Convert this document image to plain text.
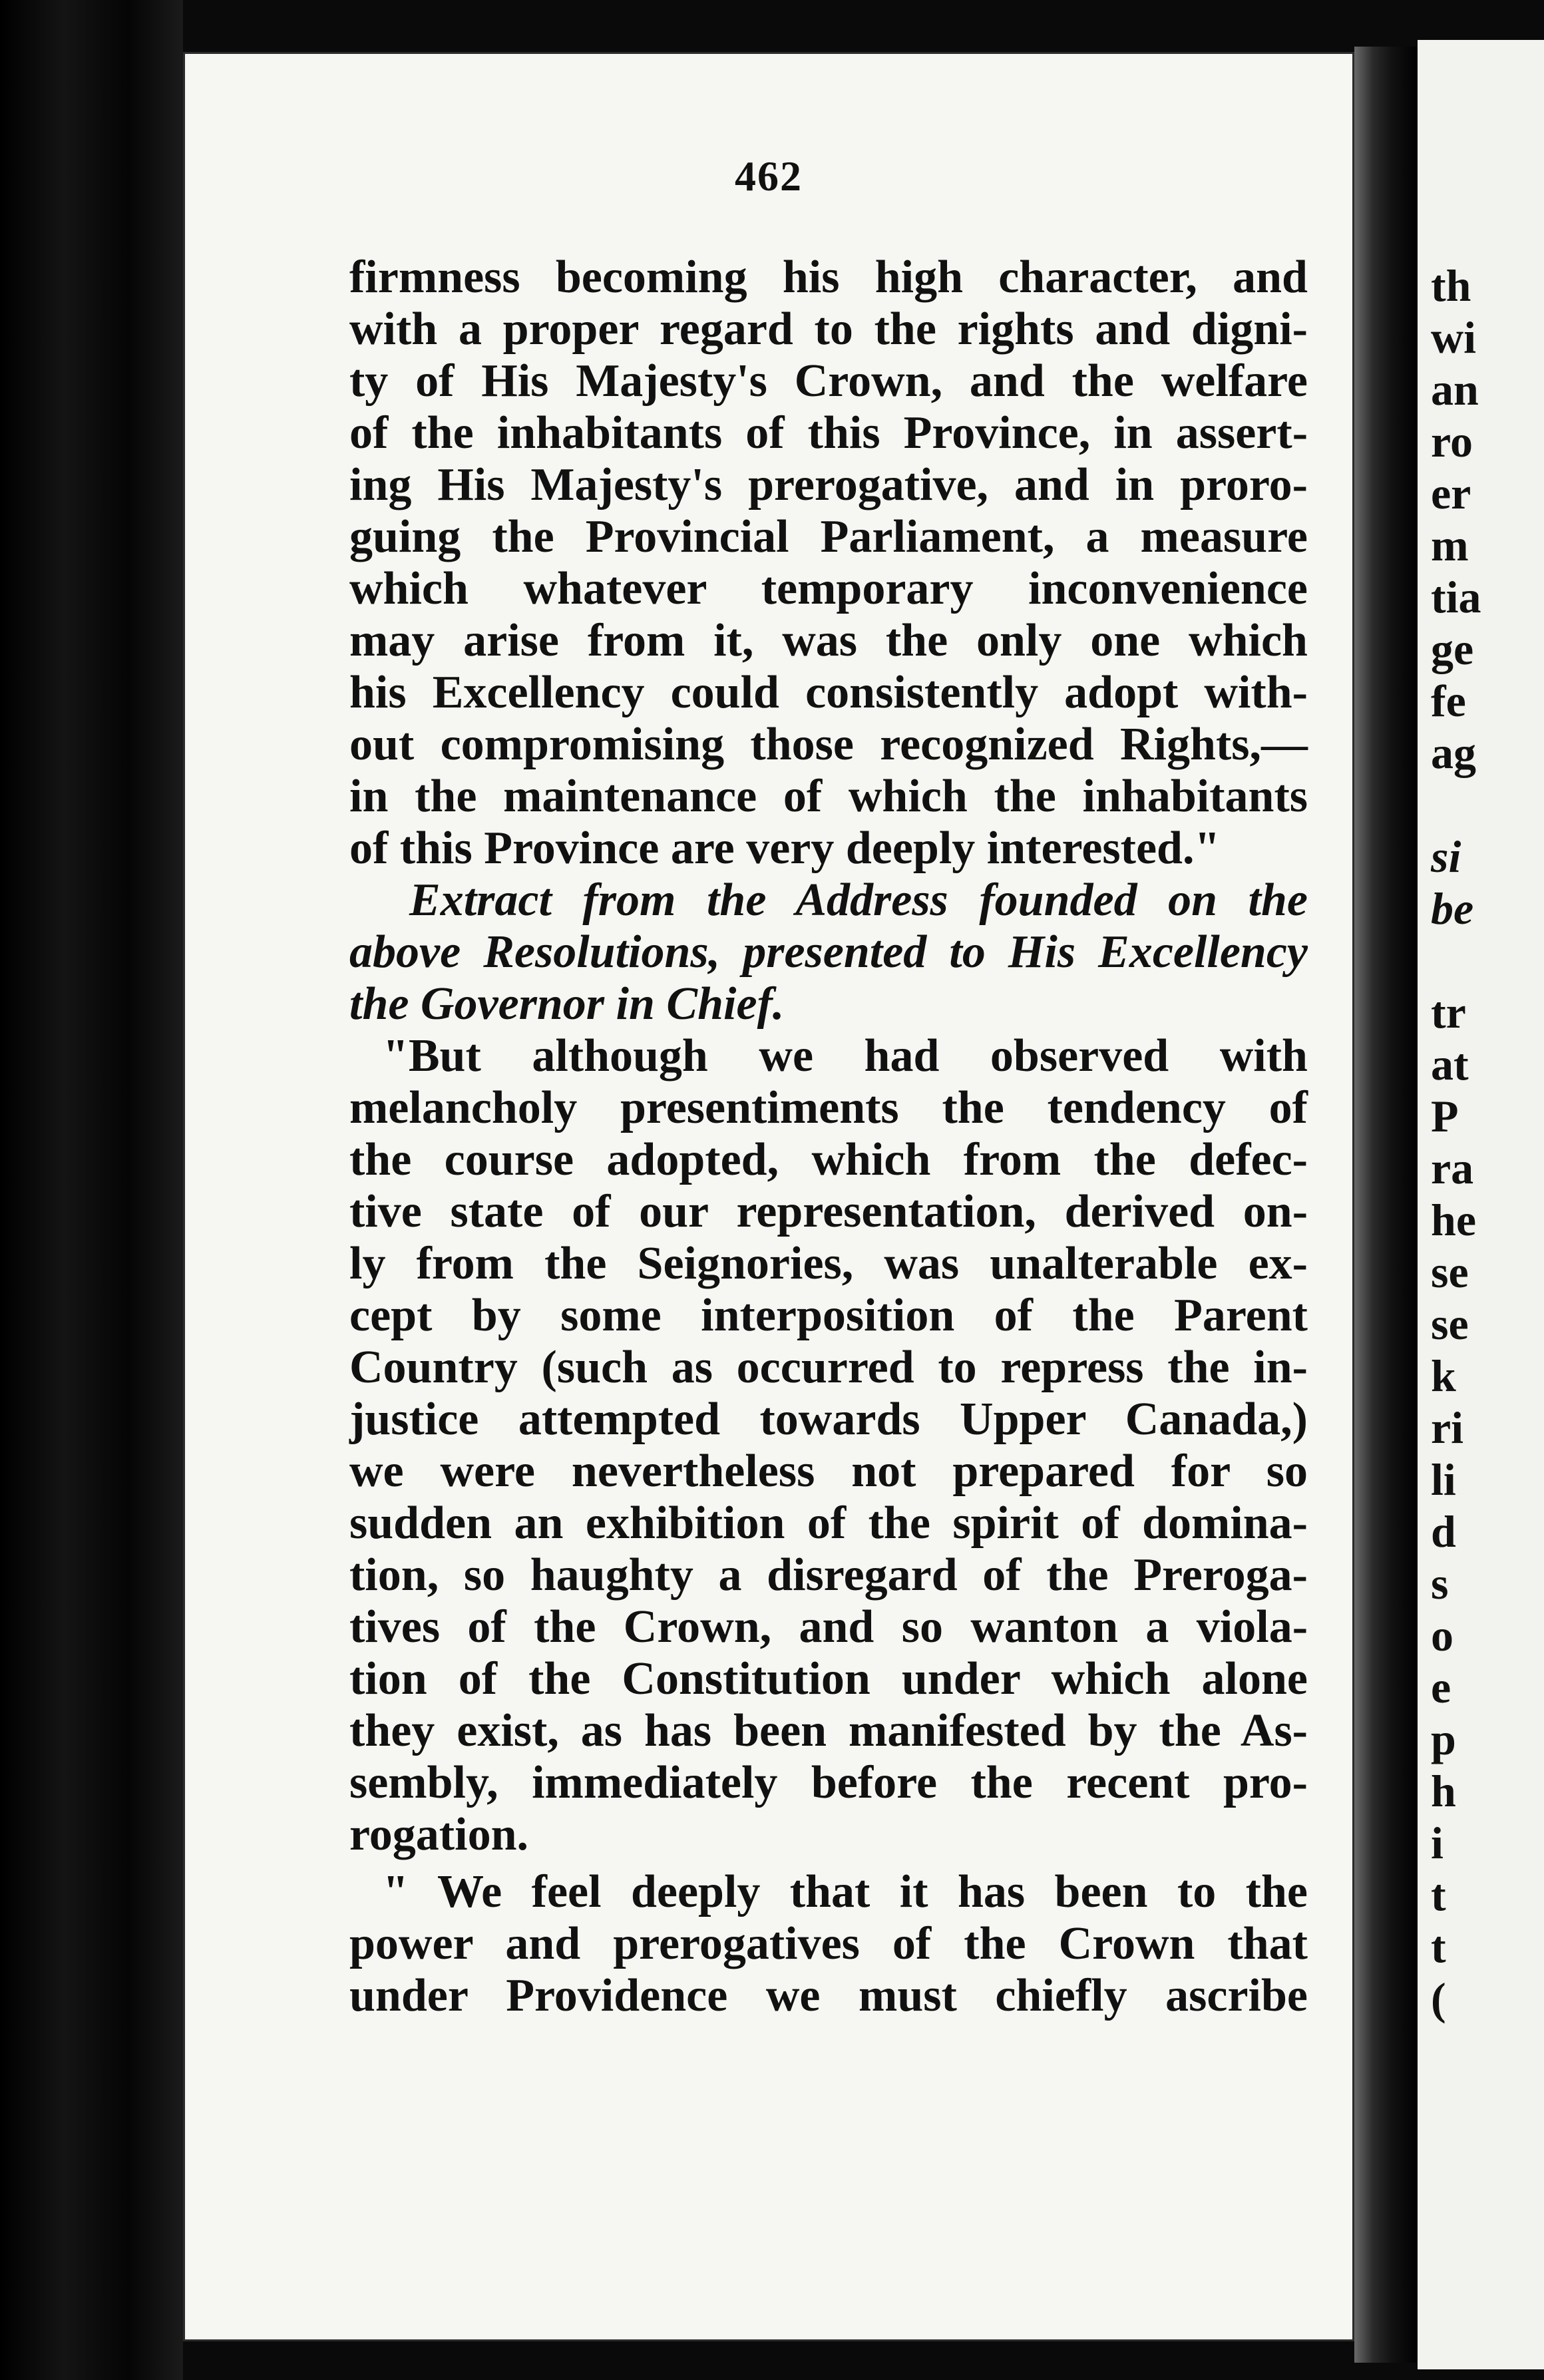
462

firmness becoming his high character, and
with a proper regard to the rights and digni-
ty of His Majesty's Crown, and the welfare
of the inhabitants of this Province, in assert-
ing His Majesty's prerogative, and in proro-
guing the Provincial Parliament, a measure
which whatever temporary inconvenience
may arise from it, was the only one which
his Excellency could consistently adopt with-
out compromising those recognized Rights,—
in the maintenance of which the inhabitants
of this Province are very deeply interested."

Extract from the Address founded on the
above Resolutions, presented to His Excellency
the Governor in Chief.

"But although we had observed with
melancholy presentiments the tendency of
the course adopted, which from the defec-
tive state of our representation, derived on-
ly from the Seignories, was unalterable ex-
cept by some interposition of the Parent
Country (such as occurred to repress the in-
justice attempted towards Upper Canada,)
we were nevertheless not prepared for so
sudden an exhibition of the spirit of domina-
tion, so haughty a disregard of the Preroga-
tives of the Crown, and so wanton a viola-
tion of the Constitution under which alone
they exist, as has been manifested by the As-
sembly, immediately before the recent pro-
rogation.

" We feel deeply that it has been to the
power and prerogatives of the Crown that
under Providence we must chiefly ascribe

th
wi
an
ro
er
m
tia
ge
fe
ag
si
be
tr
at
P
ra
he
se
se
k
ri
li
d
s
o
e
p
h
i
t
t
(
